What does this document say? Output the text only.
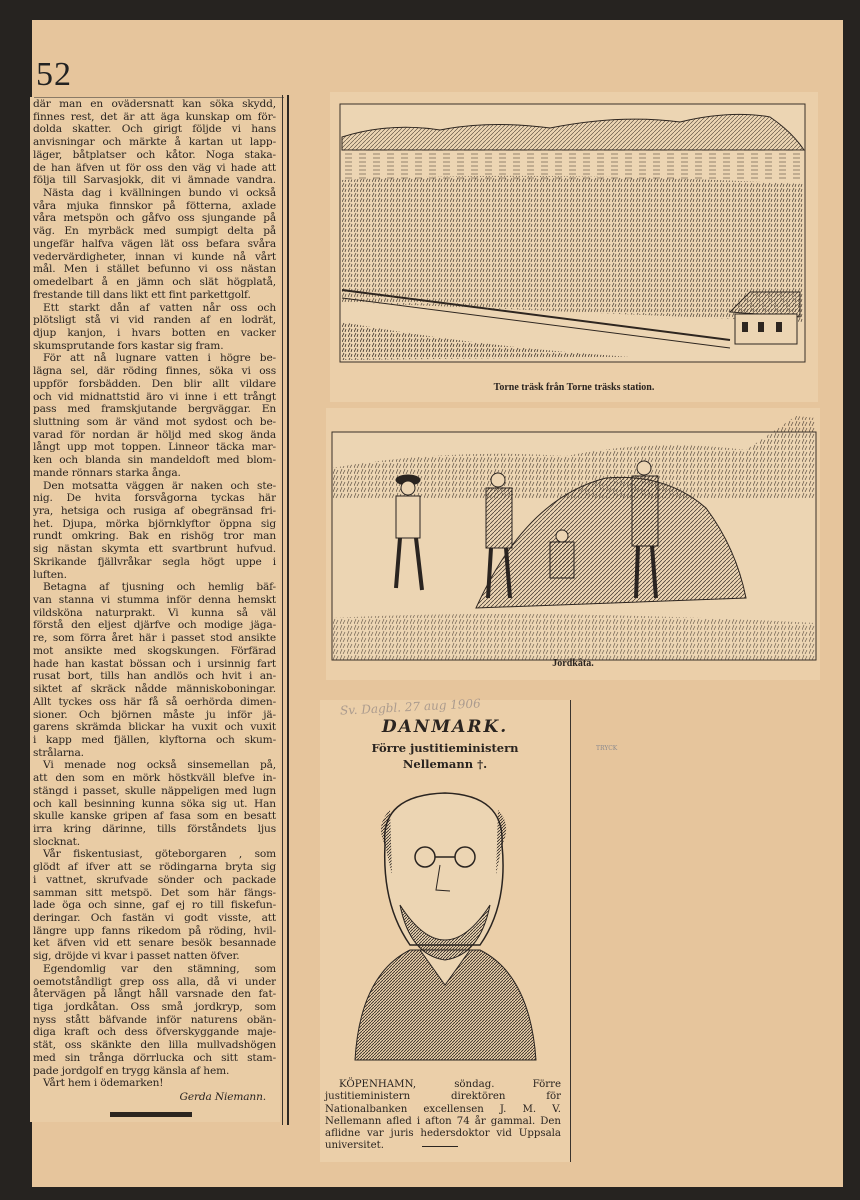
52
där man en ovädersnatt kan söka skydd,
finnes rest, det är att äga kunskap om för-
dolda skatter. Och girigt följde vi hans
anvisningar och märkte å kartan ut lapp-
läger, båtplatser och kåtor. Noga staka-
de han äfven ut för oss den väg vi hade att
följa till Sarvasjokk, dit vi ämnade vandra.
Nästa dag i kvällningen bundo vi också
våra mjuka finnskor på fötterna, axlade
våra metspön och gåfvo oss sjungande på
väg. En myrbäck med sumpigt delta på
ungefär halfva vägen lät oss befara svåra
vedervärdigheter, innan vi kunde nå vårt
mål. Men i stället befunno vi oss nästan
omedelbart å en jämn och slät högplatå,
frestande till dans likt ett fint parkettgolf.
Ett starkt dån af vatten når oss och
plötsligt stå vi vid randen af en lodrät,
djup kanjon, i hvars botten en vacker
skumsprutande fors kastar sig fram.
För att nå lugnare vatten i högre be-
lägna sel, där röding finnes, söka vi oss
uppför forsbädden. Den blir allt vildare
och vid midnattstid äro vi inne i ett trångt
pass med framskjutande bergväggar. En
sluttning som är vänd mot sydost och be-
varad för nordan är höljd med skog ända
långt upp mot toppen. Linneor täcka mar-
ken och blanda sin mandeldoft med blom-
mande rönnars starka ånga.
Den motsatta väggen är naken och ste-
nig. De hvita forsvågorna tyckas här
yra, hetsiga och rusiga af obegränsad fri-
het. Djupa, mörka björnklyftor öppna sig
rundt omkring. Bak en rishög tror man
sig nästan skymta ett svartbrunt hufvud.
Skrikande fjällvråkar segla högt uppe i
luften.
Betagna af tjusning och hemlig bäf-
van stanna vi stumma inför denna hemskt
vildsköna naturprakt. Vi kunna så väl
förstå den eljest djärfve och modige jäga-
re, som förra året här i passet stod ansikte
mot ansikte med skogskungen. Förfärad
hade han kastat bössan och i ursinnig fart
rusat bort, tills han andlös och hvit i an-
siktet af skräck nådde människoboningar.
Allt tyckes oss här få så oerhörda dimen-
sioner. Och björnen måste ju inför jä-
garens skrämda blickar ha vuxit och vuxit
i kapp med fjällen, klyftorna och skum-
strålarna.
Vi menade nog också sinsemellan på,
att den som en mörk höstkväll blefve in-
stängd i passet, skulle näppeligen med lugn
och kall besinning kunna söka sig ut. Han
skulle kanske gripen af fasa som en besatt
irra kring därinne, tills förståndets ljus
slocknat.
Vår fiskentusiast, göteborgaren , som
glödt af ifver att se rödingarna bryta sig
i vattnet, skrufvade sönder och packade
samman sitt metspö. Det som här fängs-
lade öga och sinne, gaf ej ro till fiskefun-
deringar. Och fastän vi godt visste, att
längre upp fanns rikedom på röding, hvil-
ket äfven vid ett senare besök besannade
sig, dröjde vi kvar i passet natten öfver.
Egendomlig var den stämning, som
oemotståndligt grep oss alla, då vi under
återvägen på långt håll varsnade den fat-
tiga jordkåtan. Oss små jordkryp, som
nyss stått bäfvande inför naturens obän-
diga kraft och dess öfverskyggande maje-
stät, oss skänkte den lilla mullvadshögen
med sin trånga dörrlucka och sitt stam-
pade jordgolf en trygg känsla af hem.
Vårt hem i ödemarken!
Gerda Niemann.
Torne träsk från Torne träsks station.
Jordkåta.
Sv. Dagbl. 27 aug 1906
DANMARK.
Förre justitieministern
Nellemann †.
KÖPENHAMN, söndag. Förre justitieministern direktören för Nationalbanken excellensen J. M. V. Nellemann afled i afton 74 år gammal. Den aflidne var juris hedersdoktor vid Uppsala universitet.
TRYCK
